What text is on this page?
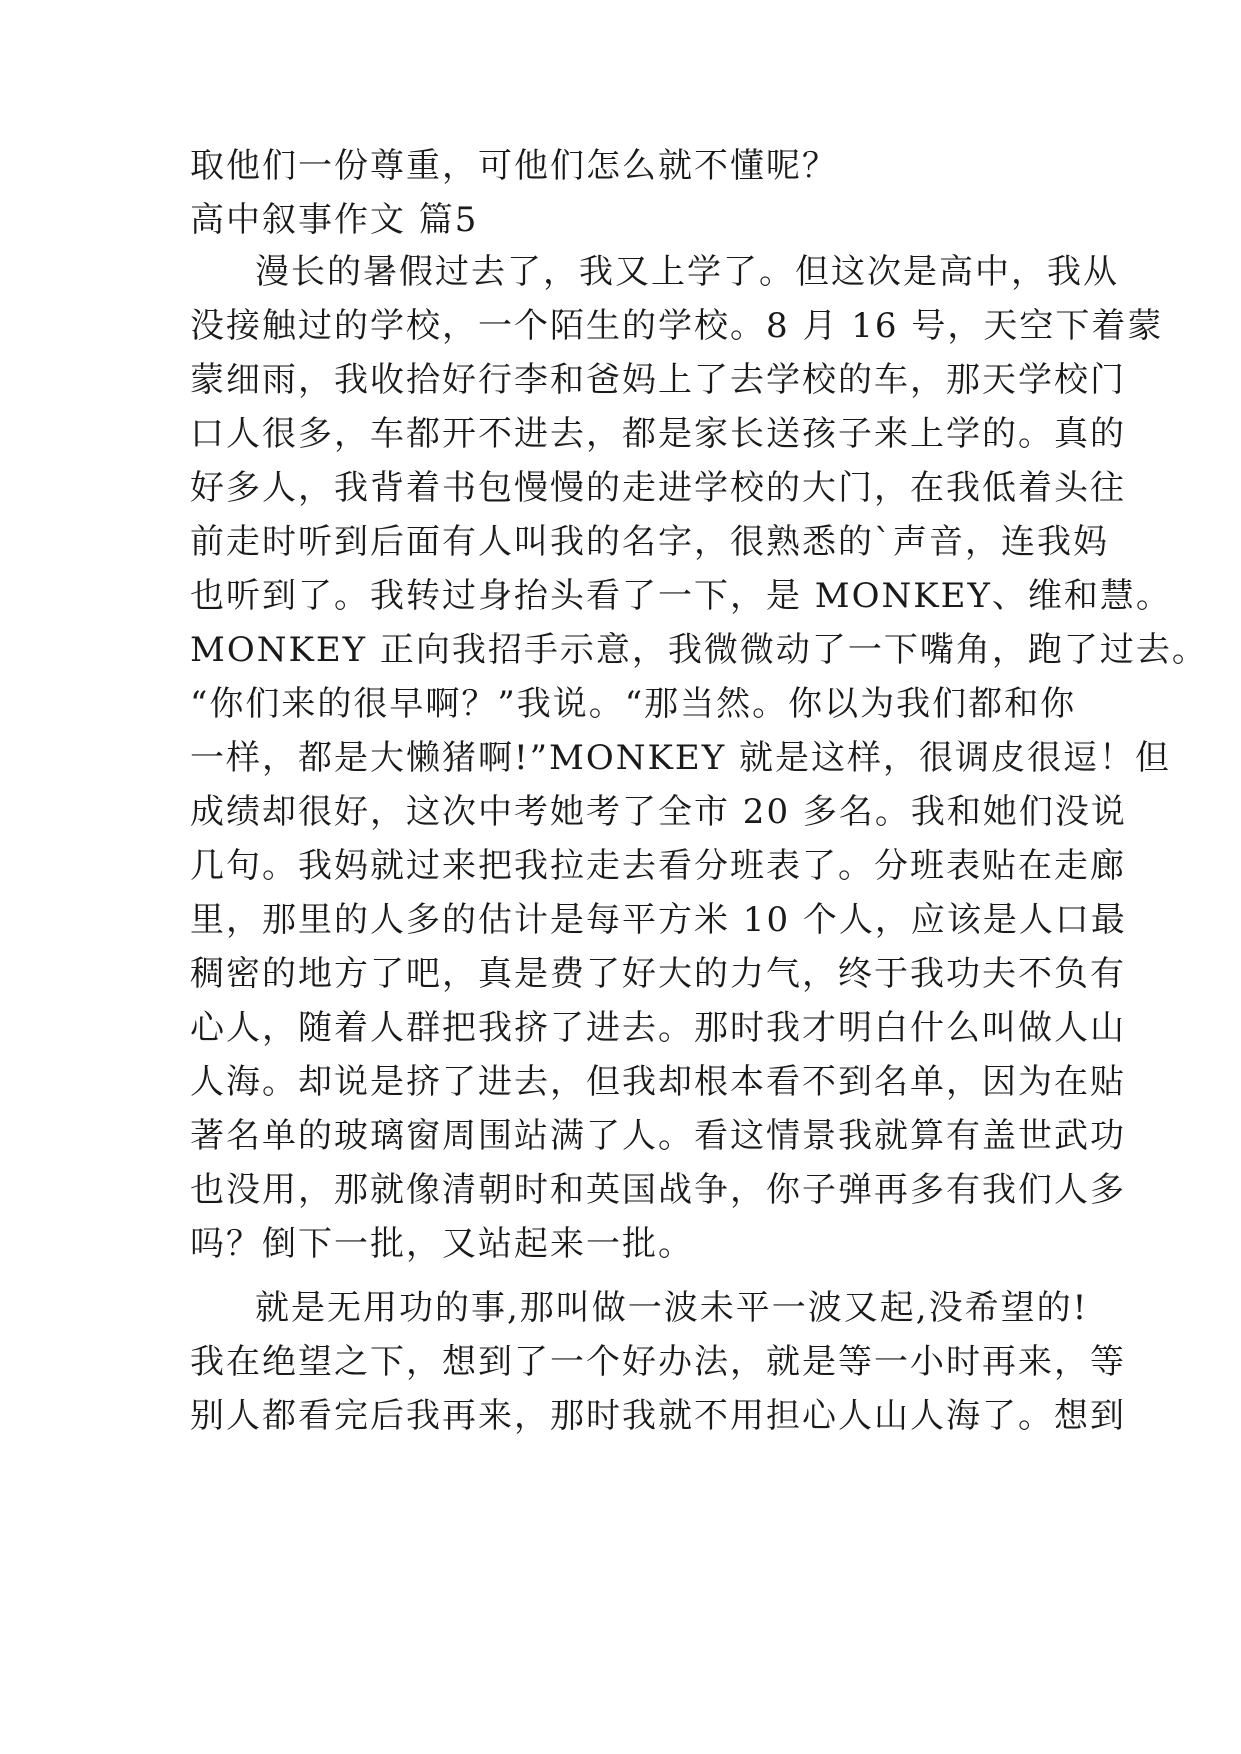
取他们一份尊重，可他们怎么就不懂呢？

高中叙事作文 篇5

漫长的暑假过去了，我又上学了。但这次是高中，我从

没接触过的学校，一个陌生的学校。8 月 16 号，天空下着蒙

蒙细雨，我收拾好行李和爸妈上了去学校的车，那天学校门

口人很多，车都开不进去，都是家长送孩子来上学的。真的

好多人，我背着书包慢慢的走进学校的大门，在我低着头往

前走时听到后面有人叫我的名字，很熟悉的`声音，连我妈

也听到了。我转过身抬头看了一下，是 MONKEY、维和慧。

MONKEY 正向我招手示意，我微微动了一下嘴角，跑了过去。

“你们来的很早啊？”我说。“那当然。你以为我们都和你

一样，都是大懒猪啊!”MONKEY 就是这样，很调皮很逗！但

成绩却很好，这次中考她考了全市 20 多名。我和她们没说

几句。我妈就过来把我拉走去看分班表了。分班表贴在走廊

里，那里的人多的估计是每平方米 10 个人，应该是人口最

稠密的地方了吧，真是费了好大的力气，终于我功夫不负有

心人，随着人群把我挤了进去。那时我才明白什么叫做人山

人海。却说是挤了进去，但我却根本看不到名单，因为在贴

著名单的玻璃窗周围站满了人。看这情景我就算有盖世武功

也没用，那就像清朝时和英国战争，你子弹再多有我们人多

吗？倒下一批，又站起来一批。

就是无用功的事,那叫做一波未平一波又起,没希望的!

我在绝望之下，想到了一个好办法，就是等一小时再来，等

别人都看完后我再来，那时我就不用担心人山人海了。想到
